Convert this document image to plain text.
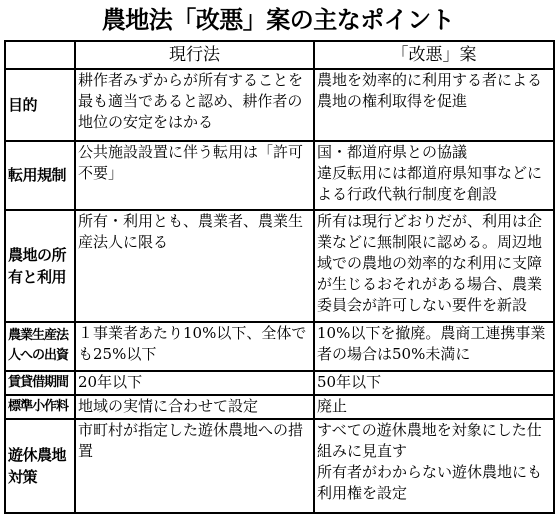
農地法「改悪」案の主なポイント
	現行法	「改悪」案
目的	耕作者みずからが所有することを最も適当であると認め、耕作者の地位の安定をはかる	農地を効率的に利用する者による農地の権利取得を促進

転用規制	公共施設設置に伴う転用は「許可不要」	国・都道府県との協議
違反転用には都道府県知事などによる行政代執行制度を創設

農地の所有と利用	所有・利用とも、農業者、農業生産法人に限る	所有は現行どおりだが、利用は企業などに無制限に認める。周辺地域での農地の効率的な利用に支障が生じるおそれがある場合、農業委員会が許可しない要件を新設

農業生産法人への出資	１事業者あたり10%以下、全体でも25%以下	10%以下を撤廃。農商工連携事業者の場合は50%未満に

賃貸借期間	20年以下	50年以下

標準小作料	地域の実情に合わせて設定	廃止

遊休農地対策	市町村が指定した遊休農地への措置	すべての遊休農地を対象にした仕組みに見直す
所有者がわからない遊休農地にも利用権を設定
